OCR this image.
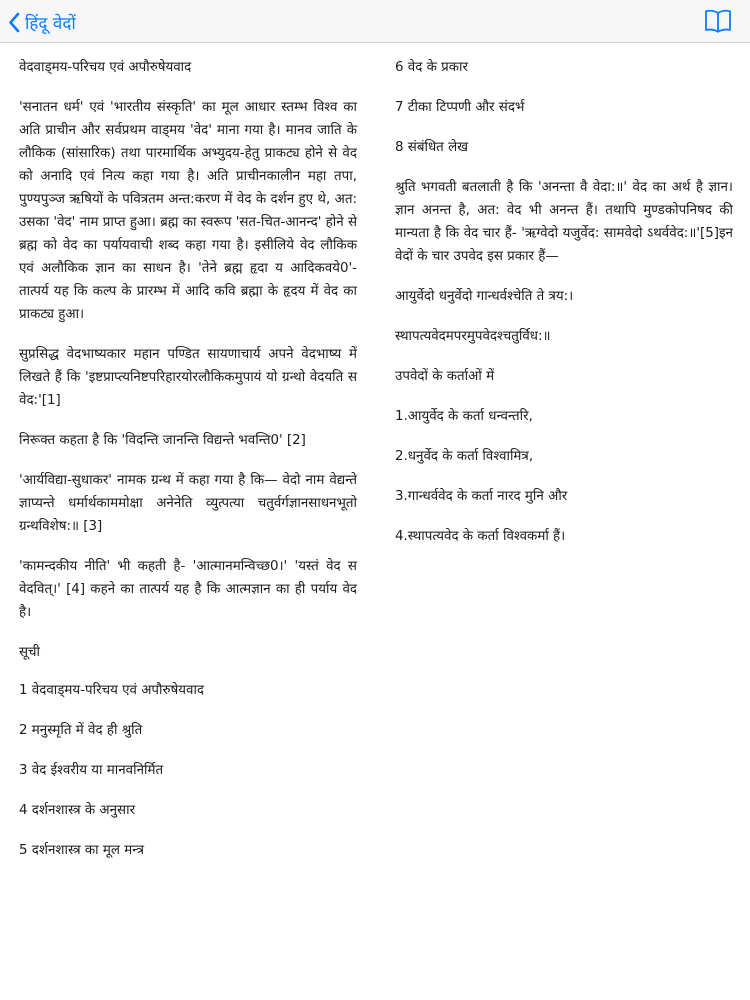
हिंदू वेदों

वेदवाड्मय-परिचय एवं अपौरुषेयवाद

'सनातन धर्म' एवं 'भारतीय संस्कृति' का मूल आधार स्तम्भ विश्व का अति प्राचीन और सर्वप्रथम वाड्मय 'वेद' माना गया है। मानव जाति के लौकिक (सांसारिक) तथा पारमार्थिक अभ्युदय-हेतु प्राकट्य होने से वेद को अनादि एवं नित्य कहा गया है। अति प्राचीनकालीन महा तपा, पुण्यपुञ्ज ऋषियों के पवित्रतम अन्त:करण में वेद के दर्शन हुए थे, अत: उसका 'वेद' नाम प्राप्त हुआ। ब्रह्म का स्वरूप 'सत-चित-आनन्द' होने से ब्रह्म को वेद का पर्यायवाची शब्द कहा गया है। इसीलिये वेद लौकिक एवं अलौकिक ज्ञान का साधन है। 'तेने ब्रह्म हृदा य आदिकवये0'- तात्पर्य यह कि कल्प के प्रारम्भ में आदि कवि ब्रह्मा के हृदय में वेद का प्राकट्य हुआ।

सुप्रसिद्ध वेदभाष्यकार महान पण्डित सायणाचार्य अपने वेदभाष्य में लिखते हैं कि 'इष्टप्राप्त्यनिष्टपरिहारयोरलौकिकमुपायं यो ग्रन्थो वेदयति स वेद:'[1]

निरूक्त कहता है कि 'विदन्ति जानन्ति विद्यन्ते भवन्ति0' [2]

'आर्यविद्या-सुधाकर' नामक ग्रन्थ में कहा गया है कि— वेदो नाम वेद्यन्ते ज्ञाप्यन्ते धर्मार्थकाममोक्षा अनेनेति व्युत्पत्या चतुर्वर्गज्ञानसाधनभूतो ग्रन्थविशेष:॥ [3]

'कामन्दकीय नीति' भी कहती है- 'आत्मानमन्विच्छ0।' 'यस्तं वेद स वेदवित्‌।' [4] कहने का तात्पर्य यह है कि आत्मज्ञान का ही पर्याय वेद है।

सूची

1 वेदवाड्मय-परिचय एवं अपौरुषेयवाद

2 मनुस्मृति में वेद ही श्रुति

3 वेद ईश्वरीय या मानवनिर्मित

4 दर्शनशास्त्र के अनुसार

5 दर्शनशास्त्र का मूल मन्त्र

6 वेद के प्रकार

7 टीका टिप्पणी और संदर्भ

8 संबंधित लेख

श्रुति भगवती बतलाती है कि 'अनन्ता वै वेदा:॥' वेद का अर्थ है ज्ञान। ज्ञान अनन्त है, अत: वेद भी अनन्त हैं। तथापि मुण्डकोपनिषद की मान्यता है कि वेद चार हैं- 'ऋग्वेदो यजुर्वेद: सामवेदो ऽथर्ववेद:॥'[5]इन वेदों के चार उपवेद इस प्रकार हैं—

आयुर्वेदो धनुर्वेदो गान्धर्वश्चेति ते त्रय:।

स्थापत्यवेदमपरमुपवेदश्चतुर्विध:॥

उपवेदों के कर्ताओं में

1.आयुर्वेद के कर्ता धन्वन्तरि,

2.धनुर्वेद के कर्ता विश्वामित्र,

3.गान्धर्ववेद के कर्ता नारद मुनि और

4.स्थापत्यवेद के कर्ता विश्वकर्मा हैं।
